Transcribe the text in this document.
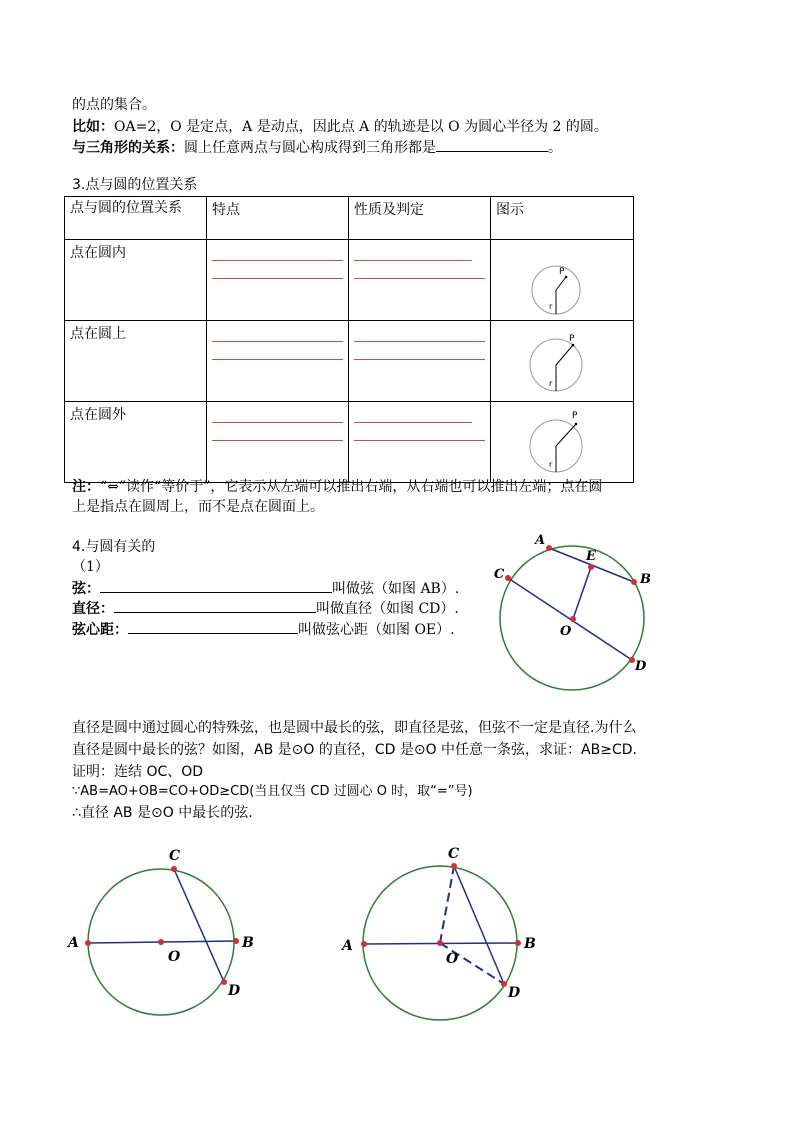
的点的集合。
比如：OA=2，O 是定点，A 是动点，因此点 A 的轨迹是以 O 为圆心半径为 2 的圆。
与三角形的关系：圆上任意两点与圆心构成得到三角形都是	。
3.点与圆的位置关系
点与圆的位置关系	特点	性质及判定	图示
点在圆内			P
r

点在圆上			P
r

点在圆外			P
r
注：“⇔”读作“等价于”，它表示从左端可以推出右端，从右端也可以推出左端；点在圆
上是指点在圆周上，而不是点在圆面上。
4.与圆有关的
（1）
弦：	叫做弦（如图 AB）.
直径：	叫做直径（如图 CD）.
弦心距：	叫做弦心距（如图 OE）.
A
E
B
C
O
D
直径是圆中通过圆心的特殊弦，也是圆中最长的弦，即直径是弦，但弦不一定是直径.为什么
直径是圆中最长的弦？如图，AB 是⊙O 的直径，CD 是⊙O 中任意一条弦，求证：AB≥CD.
证明：连结 OC、OD
∵AB=AO+OB=CO+OD≥CD(当且仅当 CD 过圆心 O 时，取“=”号)
∴直径 AB 是⊙O 中最长的弦.
C
A
O
B
D
C
A
O
B
D
